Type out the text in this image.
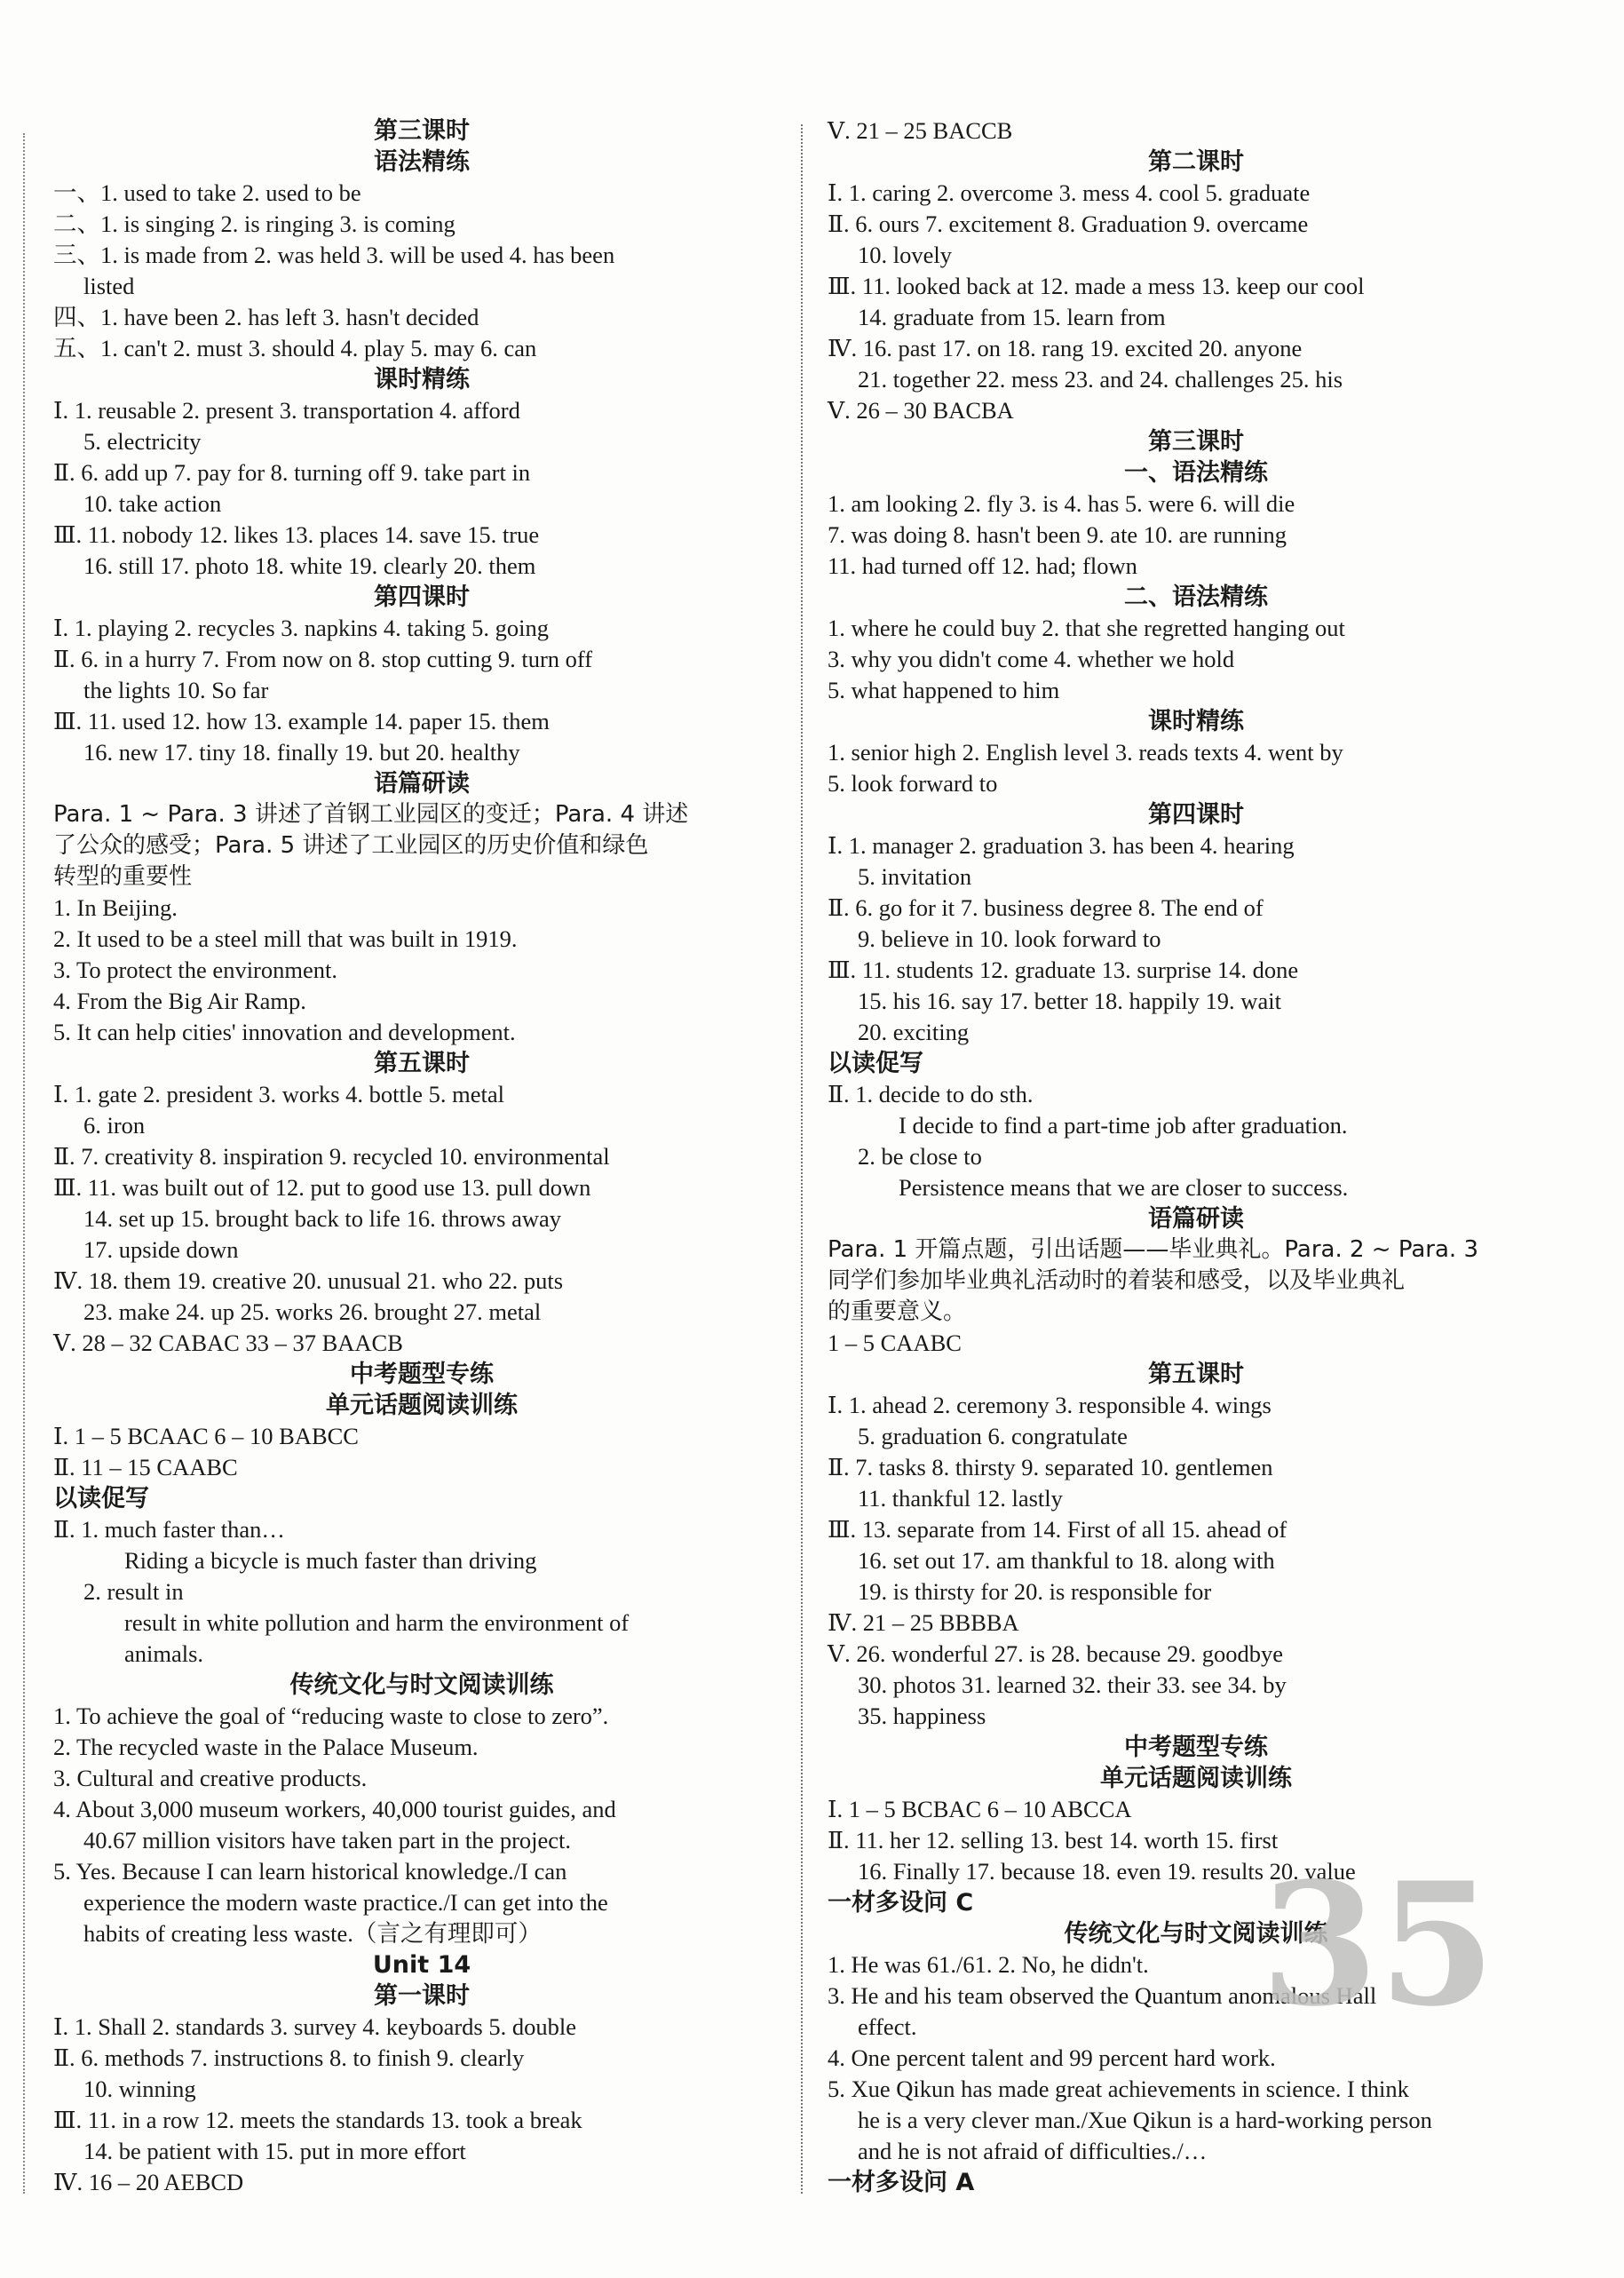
第三课时
语法精练
一、1. used to take 2. used to be
二、1. is singing 2. is ringing 3. is coming
三、1. is made from 2. was held 3. will be used 4. has been
listed
四、1. have been 2. has left 3. hasn't decided
五、1. can't 2. must 3. should 4. play 5. may 6. can
课时精练
Ⅰ. 1. reusable 2. present 3. transportation 4. afford
5. electricity
Ⅱ. 6. add up 7. pay for 8. turning off 9. take part in
10. take action
Ⅲ. 11. nobody 12. likes 13. places 14. save 15. true
16. still 17. photo 18. white 19. clearly 20. them
第四课时
Ⅰ. 1. playing 2. recycles 3. napkins 4. taking 5. going
Ⅱ. 6. in a hurry 7. From now on 8. stop cutting 9. turn off
the lights 10. So far
Ⅲ. 11. used 12. how 13. example 14. paper 15. them
16. new 17. tiny 18. finally 19. but 20. healthy
语篇研读
Para. 1 ~ Para. 3 讲述了首钢工业园区的变迁；Para. 4 讲述
了公众的感受；Para. 5 讲述了工业园区的历史价值和绿色
转型的重要性
1. In Beijing.
2. It used to be a steel mill that was built in 1919.
3. To protect the environment.
4. From the Big Air Ramp.
5. It can help cities' innovation and development.
第五课时
Ⅰ. 1. gate 2. president 3. works 4. bottle 5. metal
6. iron
Ⅱ. 7. creativity 8. inspiration 9. recycled 10. environmental
Ⅲ. 11. was built out of 12. put to good use 13. pull down
14. set up 15. brought back to life 16. throws away
17. upside down
Ⅳ. 18. them 19. creative 20. unusual 21. who 22. puts
23. make 24. up 25. works 26. brought 27. metal
Ⅴ. 28 – 32 CABAC 33 – 37 BAACB
中考题型专练
单元话题阅读训练
Ⅰ. 1 – 5 BCAAC 6 – 10 BABCC
Ⅱ. 11 – 15 CAABC
以读促写
Ⅱ. 1. much faster than…
Riding a bicycle is much faster than driving
2. result in
result in white pollution and harm the environment of
animals.
传统文化与时文阅读训练
1. To achieve the goal of “reducing waste to close to zero”.
2. The recycled waste in the Palace Museum.
3. Cultural and creative products.
4. About 3,000 museum workers, 40,000 tourist guides, and
40.67 million visitors have taken part in the project.
5. Yes. Because I can learn historical knowledge./I can
experience the modern waste practice./I can get into the
habits of creating less waste.（言之有理即可）
Unit 14
第一课时
Ⅰ. 1. Shall 2. standards 3. survey 4. keyboards 5. double
Ⅱ. 6. methods 7. instructions 8. to finish 9. clearly
10. winning
Ⅲ. 11. in a row 12. meets the standards 13. took a break
14. be patient with 15. put in more effort
Ⅳ. 16 – 20 AEBCD
Ⅴ. 21 – 25 BACCB
第二课时
Ⅰ. 1. caring 2. overcome 3. mess 4. cool 5. graduate
Ⅱ. 6. ours 7. excitement 8. Graduation 9. overcame
10. lovely
Ⅲ. 11. looked back at 12. made a mess 13. keep our cool
14. graduate from 15. learn from
Ⅳ. 16. past 17. on 18. rang 19. excited 20. anyone
21. together 22. mess 23. and 24. challenges 25. his
Ⅴ. 26 – 30 BACBA
第三课时
一、语法精练
1. am looking 2. fly 3. is 4. has 5. were 6. will die
7. was doing 8. hasn't been 9. ate 10. are running
11. had turned off 12. had; flown
二、语法精练
1. where he could buy 2. that she regretted hanging out
3. why you didn't come 4. whether we hold
5. what happened to him
课时精练
1. senior high 2. English level 3. reads texts 4. went by
5. look forward to
第四课时
Ⅰ. 1. manager 2. graduation 3. has been 4. hearing
5. invitation
Ⅱ. 6. go for it 7. business degree 8. The end of
9. believe in 10. look forward to
Ⅲ. 11. students 12. graduate 13. surprise 14. done
15. his 16. say 17. better 18. happily 19. wait
20. exciting
以读促写
Ⅱ. 1. decide to do sth.
I decide to find a part-time job after graduation.
2. be close to
Persistence means that we are closer to success.
语篇研读
Para. 1 开篇点题，引出话题——毕业典礼。Para. 2 ~ Para. 3
同学们参加毕业典礼活动时的着装和感受，以及毕业典礼
的重要意义。
1 – 5 CAABC
第五课时
Ⅰ. 1. ahead 2. ceremony 3. responsible 4. wings
5. graduation 6. congratulate
Ⅱ. 7. tasks 8. thirsty 9. separated 10. gentlemen
11. thankful 12. lastly
Ⅲ. 13. separate from 14. First of all 15. ahead of
16. set out 17. am thankful to 18. along with
19. is thirsty for 20. is responsible for
Ⅳ. 21 – 25 BBBBA
Ⅴ. 26. wonderful 27. is 28. because 29. goodbye
30. photos 31. learned 32. their 33. see 34. by
35. happiness
中考题型专练
单元话题阅读训练
Ⅰ. 1 – 5 BCBAC 6 – 10 ABCCA
Ⅱ. 11. her 12. selling 13. best 14. worth 15. first
16. Finally 17. because 18. even 19. results 20. value
一材多设问 C
传统文化与时文阅读训练
1. He was 61./61. 2. No, he didn't.
3. He and his team observed the Quantum anomalous Hall
effect.
4. One percent talent and 99 percent hard work.
5. Xue Qikun has made great achievements in science. I think
he is a very clever man./Xue Qikun is a hard-working person
and he is not afraid of difficulties./…
一材多设问 A
35
